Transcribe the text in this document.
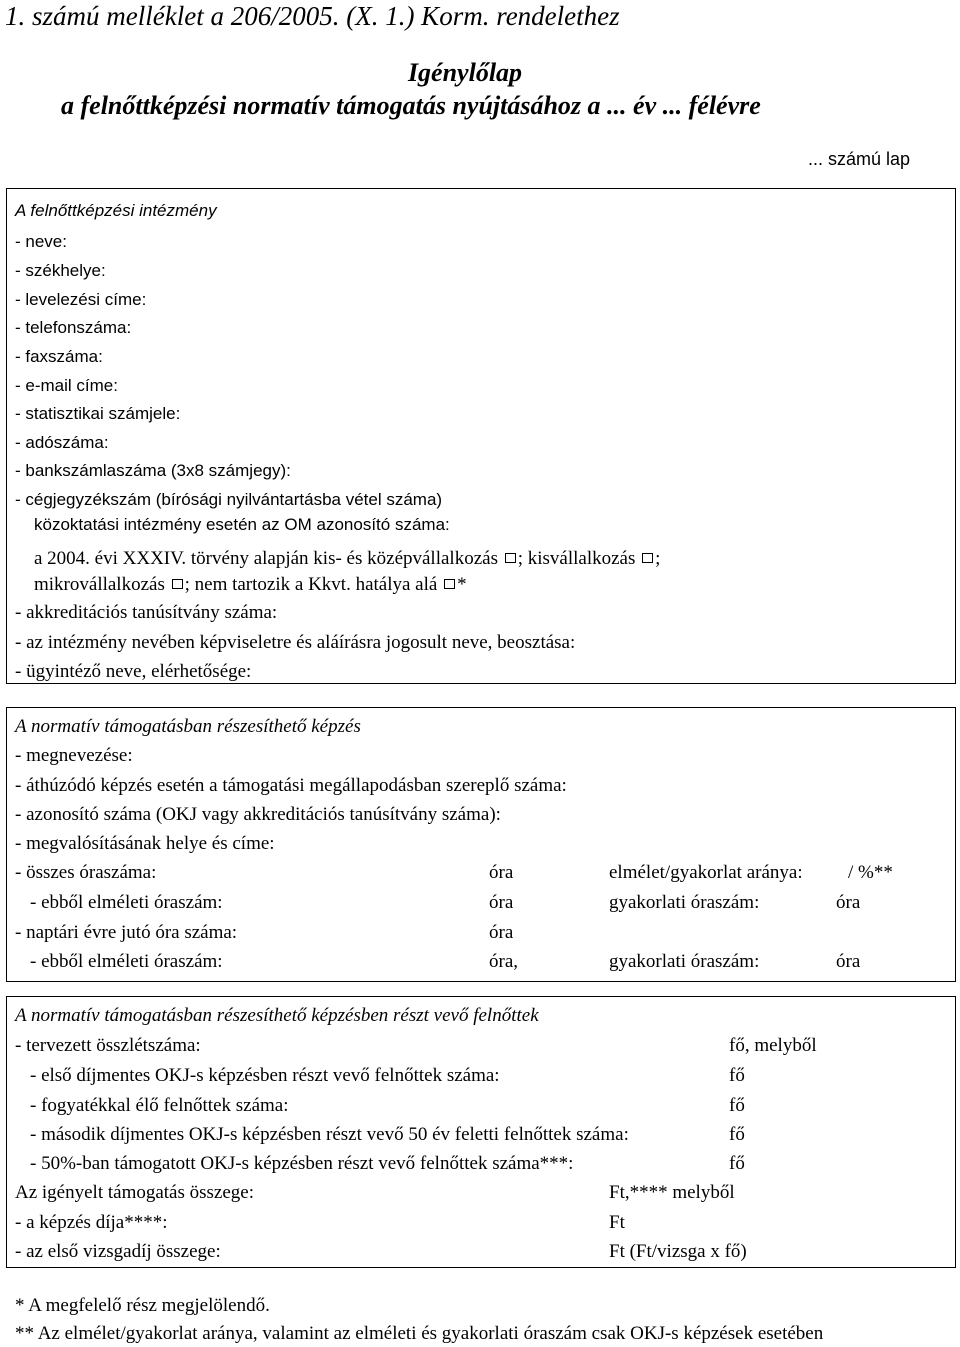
1. számú melléklet a 206/2005. (X. 1.) Korm. rendelethez
Igénylőlap
a felnőttképzési normatív támogatás nyújtásához a ... év ... félévre
... számú lap
A felnőttképzési intézmény
- neve:
- székhelye:
- levelezési címe:
- telefonszáma:
- faxszáma:
- e-mail címe:
- statisztikai számjele:
- adószáma:
- bankszámlaszáma (3x8 számjegy):
- cégjegyzékszám (bírósági nyilvántartásba vétel száma)
közoktatási intézmény esetén az OM azonosító száma:
a 2004. évi XXXIV. törvény alapján kis- és középvállalkozás ; kisvállalkozás ;
mikrovállalkozás ; nem tartozik a Kkvt. hatálya alá *
- akkreditációs tanúsítvány száma:
- az intézmény nevében képviseletre és aláírásra jogosult neve, beosztása:
- ügyintéző neve, elérhetősége:
A normatív támogatásban részesíthető képzés
- megnevezése:
- áthúzódó képzés esetén a támogatási megállapodásban szereplő száma:
- azonosító száma (OKJ vagy akkreditációs tanúsítvány száma):
- megvalósításának helye és címe:
- összes óraszáma:	óra	elmélet/gyakorlat aránya: / %**
- ebből elméleti óraszám:	óra	gyakorlati óraszám:	óra
- naptári évre jutó óra száma:	óra
- ebből elméleti óraszám:	óra,	gyakorlati óraszám:	óra
A normatív támogatásban részesíthető képzésben részt vevő felnőttek
- tervezett összlétszáma:	fő, melyből
- első díjmentes OKJ-s képzésben részt vevő felnőttek száma:	fő
- fogyatékkal élő felnőttek száma:	fő
- második díjmentes OKJ-s képzésben részt vevő 50 év feletti felnőttek száma:	fő
- 50%-ban támogatott OKJ-s képzésben részt vevő felnőttek száma***:	fő
Az igényelt támogatás összege:	Ft,**** melyből
- a képzés díja****:	Ft
- az első vizsgadíj összege:	Ft (Ft/vizsga x fő)
* A megfelelő rész megjelölendő.
** Az elmélet/gyakorlat aránya, valamint az elméleti és gyakorlati óraszám csak OKJ-s képzések esetében
